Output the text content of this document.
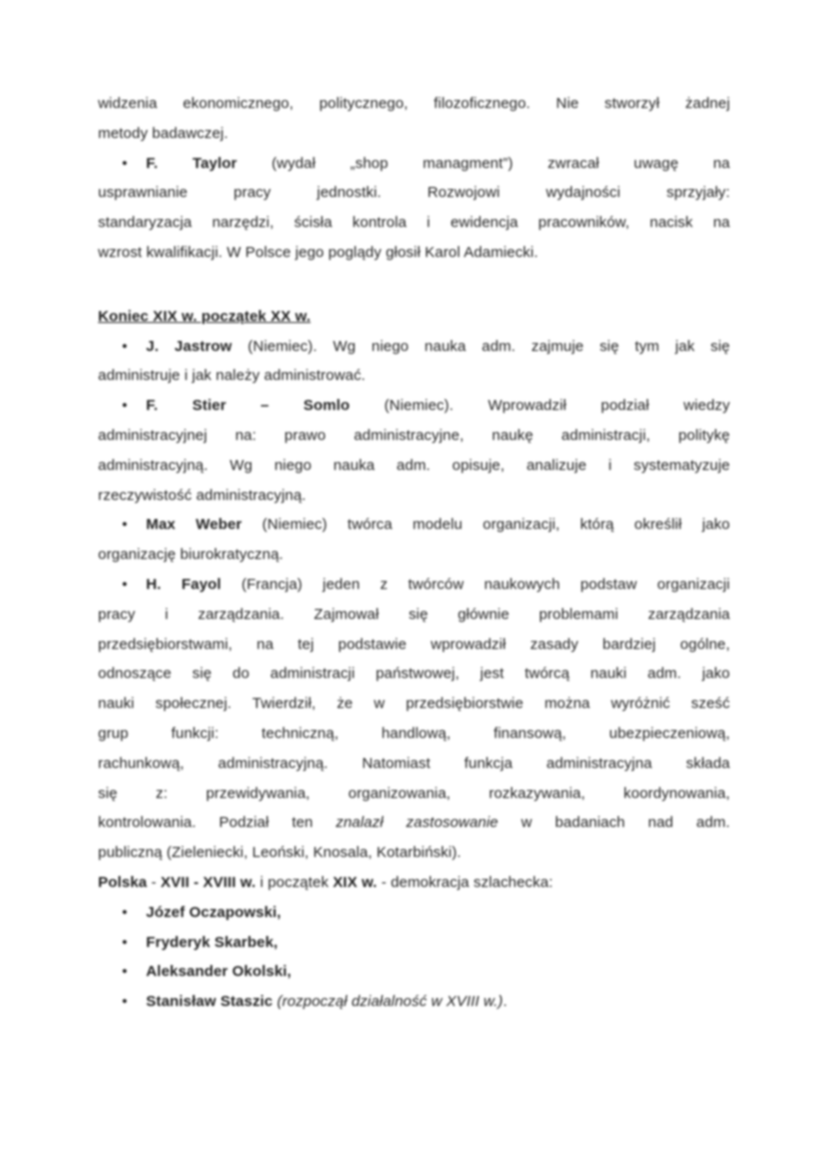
widzenia ekonomicznego, politycznego, filozoficznego. Nie stworzył żadnej
metody badawczej.
• F. Taylor (wydał „shop managment”) zwracał uwagę na
usprawnianie pracy jednostki. Rozwojowi wydajności sprzyjały:
standaryzacja narzędzi, ścisła kontrola i ewidencja pracowników, nacisk na
wzrost kwalifikacji. W Polsce jego poglądy głosił Karol Adamiecki.
Koniec XIX w. początek XX w.
• J. Jastrow (Niemiec). Wg niego nauka adm. zajmuje się tym jak się
administruje i jak należy administrować.
• F. Stier – Somlo (Niemiec). Wprowadził podział wiedzy
administracyjnej na: prawo administracyjne, naukę administracji, politykę
administracyjną. Wg niego nauka adm. opisuje, analizuje i systematyzuje
rzeczywistość administracyjną.
• Max Weber (Niemiec) twórca modelu organizacji, którą określił jako
organizację biurokratyczną.
• H. Fayol (Francja) jeden z twórców naukowych podstaw organizacji
pracy i zarządzania. Zajmował się głównie problemami zarządzania
przedsiębiorstwami, na tej podstawie wprowadził zasady bardziej ogólne,
odnoszące się do administracji państwowej, jest twórcą nauki adm. jako
nauki społecznej. Twierdził, że w przedsiębiorstwie można wyróżnić sześć
grup funkcji: techniczną, handlową, finansową, ubezpieczeniową,
rachunkową, administracyjną. Natomiast funkcja administracyjna składa
się z: przewidywania, organizowania, rozkazywania, koordynowania,
kontrolowania. Podział ten znalazł zastosowanie w badaniach nad adm.
publiczną (Zieleniecki, Leoński, Knosala, Kotarbiński).
Polska - XVII - XVIII w. i początek XIX w. - demokracja szlachecka:
• Józef Oczapowski,
• Fryderyk Skarbek,
• Aleksander Okolski,
• Stanisław Staszic (rozpoczął działalność w XVIII w.).
